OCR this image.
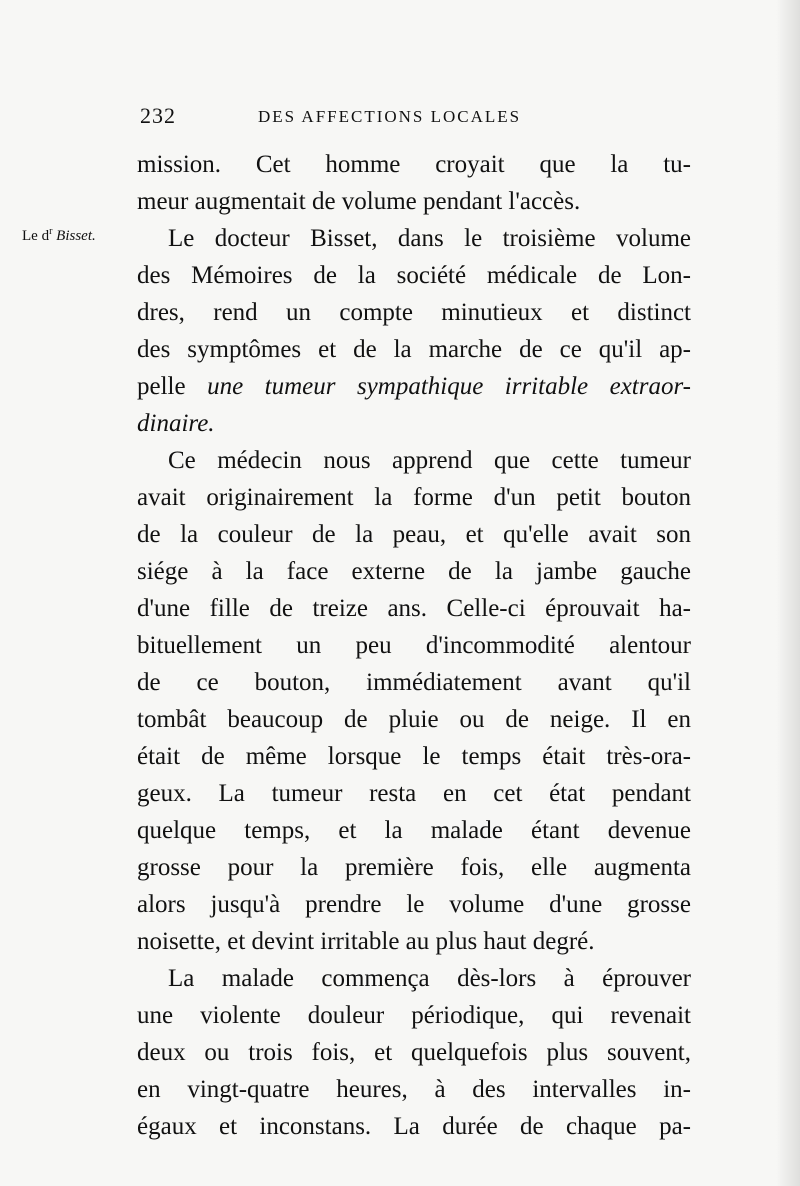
232	DES AFFECTIONS LOCALES
Le $d^r$ Bisset.
mission. Cet homme croyait que la tu-
meur augmentait de volume pendant l'accès.
Le docteur Bisset, dans le troisième volume
des Mémoires de la société médicale de Lon-
dres, rend un compte minutieux et distinct
des symptômes et de la marche de ce qu'il ap-
pelle une tumeur sympathique irritable extraor-
dinaire.
Ce médecin nous apprend que cette tumeur
avait originairement la forme d'un petit bouton
de la couleur de la peau, et qu'elle avait son
siége à la face externe de la jambe gauche
d'une fille de treize ans. Celle-ci éprouvait ha-
bituellement un peu d'incommodité alentour
de ce bouton, immédiatement avant qu'il
tombât beaucoup de pluie ou de neige. Il en
était de même lorsque le temps était très-ora-
geux. La tumeur resta en cet état pendant
quelque temps, et la malade étant devenue
grosse pour la première fois, elle augmenta
alors jusqu'à prendre le volume d'une grosse
noisette, et devint irritable au plus haut degré.
La malade commença dès-lors à éprouver
une violente douleur périodique, qui revenait
deux ou trois fois, et quelquefois plus souvent,
en vingt-quatre heures, à des intervalles in-
égaux et inconstans. La durée de chaque pa-
